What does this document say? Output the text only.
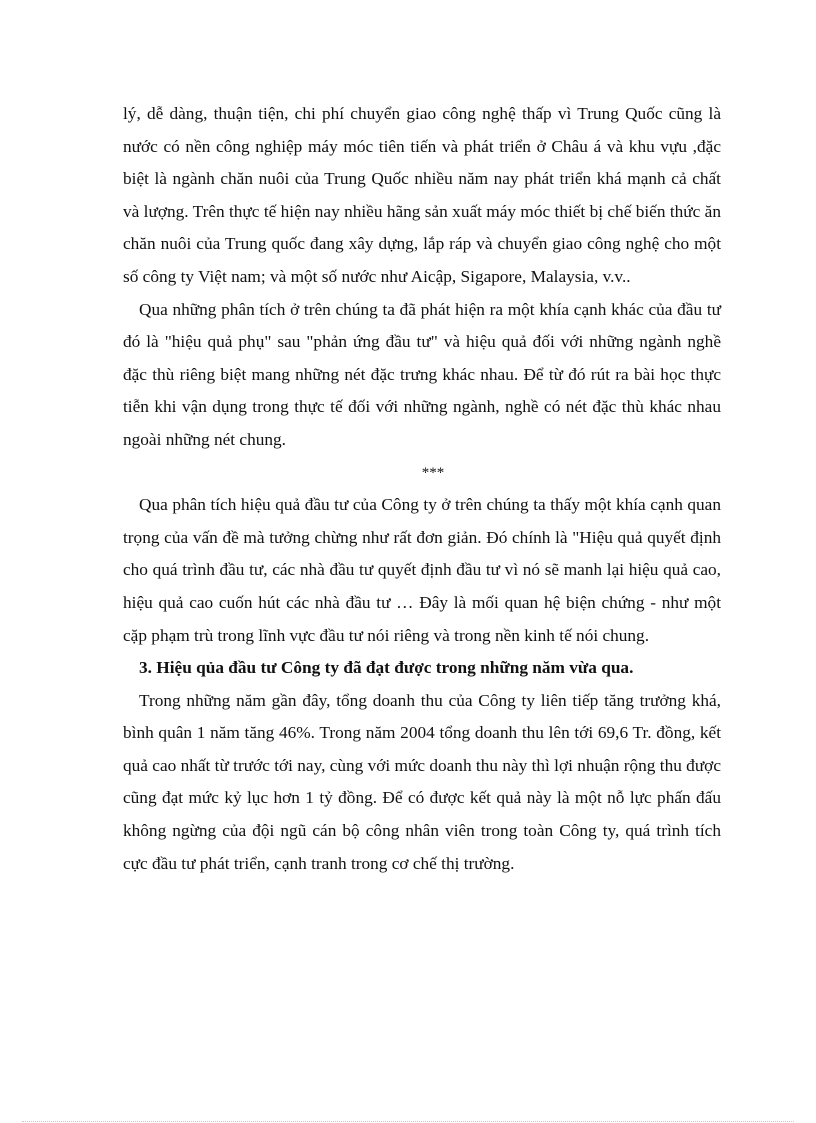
lý, dễ dàng, thuận tiện, chi phí chuyển giao công nghệ thấp vì Trung Quốc cũng là nước có nền công nghiệp máy móc tiên tiến và phát triển ở Châu á và khu vựu ,đặc biệt là ngành chăn nuôi của Trung Quốc nhiều năm nay phát triển khá mạnh cả chất và lượng. Trên thực tế hiện nay nhiều hãng sản xuất máy móc thiết bị chế biến thức ăn chăn nuôi của Trung quốc đang xây dựng, lắp ráp và chuyển giao công nghệ cho một số công ty Việt nam; và một số nước như Aicập, Sigapore, Malaysia, v.v..

Qua những phân tích ở trên chúng ta đã phát hiện ra một khía cạnh khác của đầu tư đó là "hiệu quả phụ" sau "phản ứng đầu tư" và hiệu quả đối với những ngành nghề đặc thù riêng biệt mang những nét đặc trưng khác nhau. Để từ đó rút ra bài học thực tiễn khi vận dụng trong thực tế đối với những ngành, nghề có nét đặc thù khác nhau ngoài những nét chung.

***

Qua phân tích hiệu quả đầu tư của Công ty ở trên chúng ta thấy một khía cạnh quan trọng của vấn đề mà tưởng chừng như rất đơn giản. Đó chính là "Hiệu quả quyết định cho quá trình đầu tư, các nhà đầu tư quyết định đầu tư vì nó sẽ manh lại hiệu quả cao, hiệu quả cao cuốn hút các nhà đầu tư … Đây là mối quan hệ biện chứng - như một cặp phạm trù trong lĩnh vực đầu tư nói riêng và trong nền kinh tế nói chung.

3. Hiệu qủa đầu tư Công ty đã đạt được trong những năm vừa qua.

Trong những năm gần đây, tổng doanh thu của Công ty liên tiếp tăng trưởng khá, bình quân 1 năm tăng 46%. Trong năm 2004 tổng doanh thu lên tới 69,6 Tr. đồng, kết quả cao nhất từ trước tới nay, cùng với mức doanh thu này thì lợi nhuận rộng thu được cũng đạt mức kỷ lục hơn 1 tỷ đồng. Để có được kết quả này là một nỗ lực phấn đấu không ngừng của đội ngũ cán bộ công nhân viên trong toàn Công ty, quá trình tích cực đầu tư phát triển, cạnh tranh trong cơ chế thị trường.
